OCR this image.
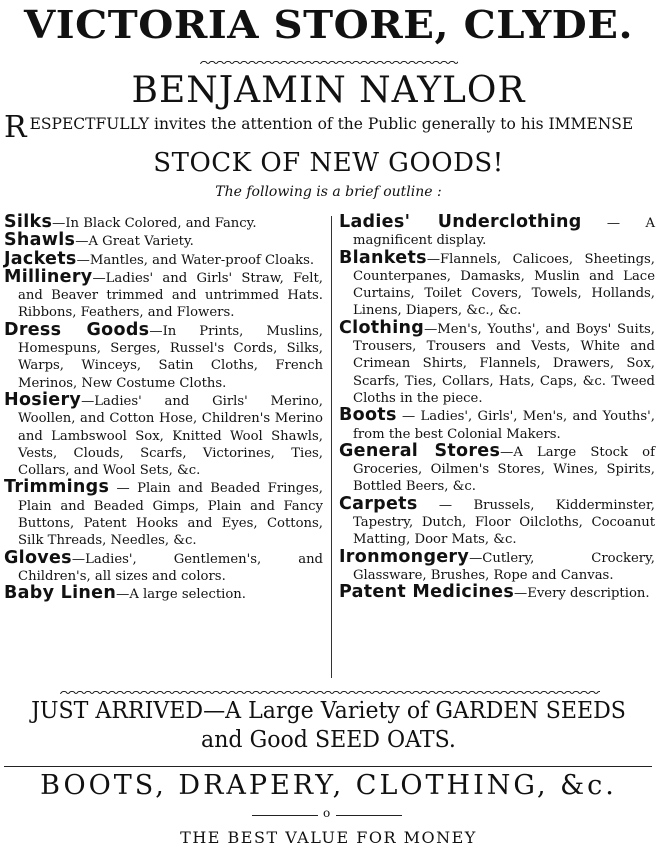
VICTORIA STORE, CLYDE.
BENJAMIN NAYLOR
RESPECTFULLY invites the attention of the Public generally to his IMMENSE
STOCK OF NEW GOODS!
The following is a brief outline :

Silks—In Black Colored, and Fancy.

Shawls—A Great Variety.

Jackets—Mantles, and Water-proof Cloaks.

Millinery—Ladies' and Girls' Straw, Felt, and Beaver trimmed and untrimmed Hats. Ribbons, Feathers, and Flowers.

Dress Goods—In Prints, Muslins, Homespuns, Serges, Russel's Cords, Silks, Warps, Winceys, Satin Cloths, French Merinos, New Costume Cloths.

Hosiery—Ladies' and Girls' Merino, Woollen, and Cotton Hose, Children's Merino and Lambswool Sox, Knitted Wool Shawls, Vests, Clouds, Scarfs, Victorines, Ties, Collars, and Wool Sets, &c.

Trimmings — Plain and Beaded Fringes, Plain and Beaded Gimps, Plain and Fancy Buttons, Patent Hooks and Eyes, Cottons, Silk Threads, Needles, &c.

Gloves—Ladies', Gentlemen's, and Children's, all sizes and colors.

Baby Linen—A large selection.

Ladies' Underclothing — A magnificent display.

Blankets—Flannels, Calicoes, Sheetings, Counterpanes, Damasks, Muslin and Lace Curtains, Toilet Covers, Towels, Hollands, Linens, Diapers, &c., &c.

Clothing—Men's, Youths', and Boys' Suits, Trousers, Trousers and Vests, White and Crimean Shirts, Flannels, Drawers, Sox, Scarfs, Ties, Collars, Hats, Caps, &c. Tweed Cloths in the piece.

Boots — Ladies', Girls', Men's, and Youths', from the best Colonial Makers.

General Stores—A Large Stock of Groceries, Oilmen's Stores, Wines, Spirits, Bottled Beers, &c.

Carpets — Brussels, Kidderminster, Tapestry, Dutch, Floor Oilcloths, Cocoanut Matting, Door Mats, &c.

Ironmongery—Cutlery, Crockery, Glassware, Brushes, Rope and Canvas.

Patent Medicines—Every description.

JUST ARRIVED—A Large Variety of GARDEN SEEDS
and Good SEED OATS.
BOOTS, DRAPERY, CLOTHING, &c.
o
THE BEST VALUE FOR MONEY
